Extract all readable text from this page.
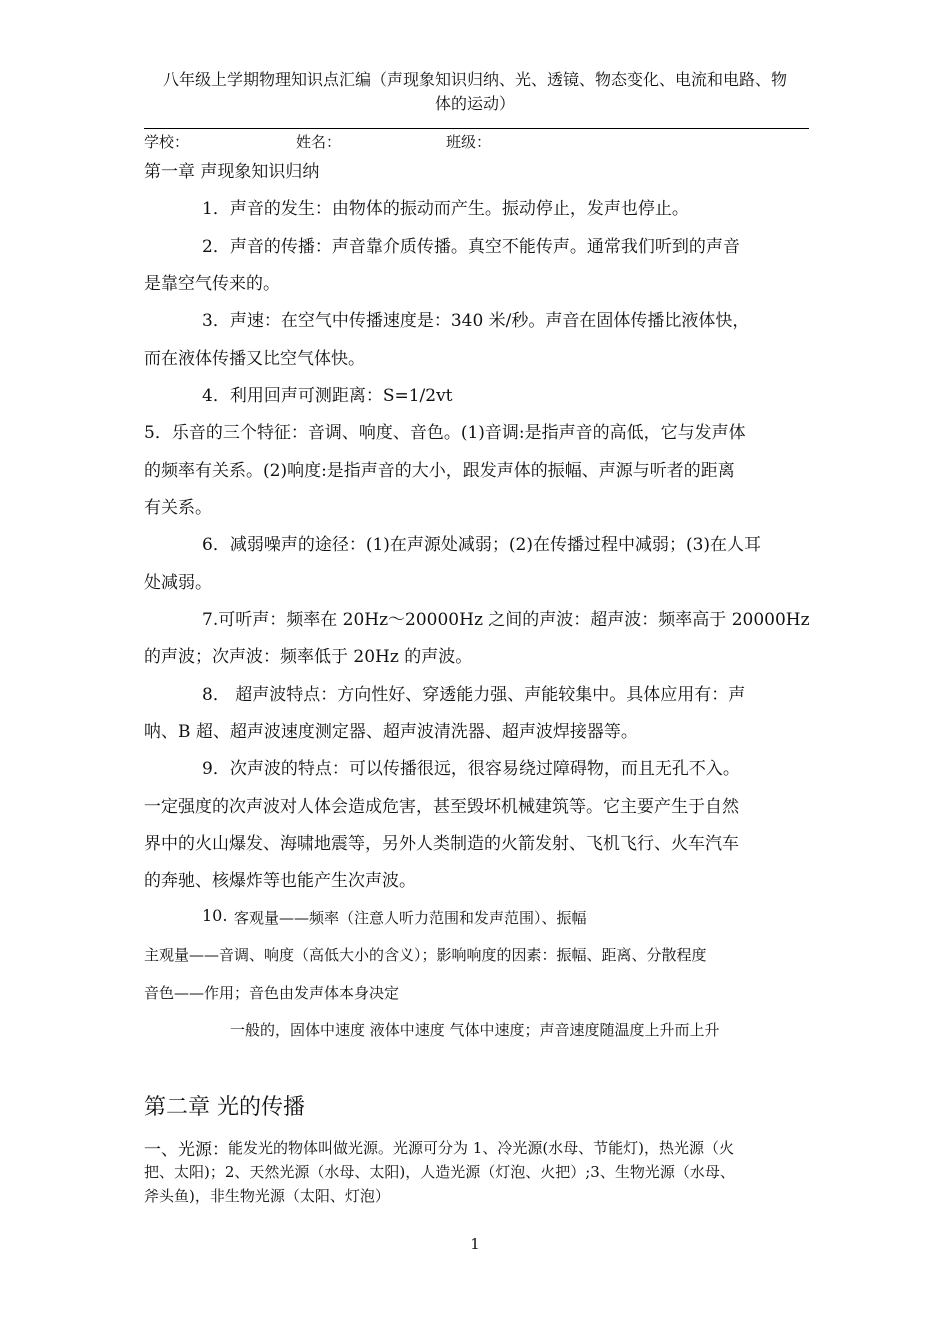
八年级上学期物理知识点汇编（声现象知识归纳、光、透镜、物态变化、电流和电路、物
体的运动）
学校：	姓名：	班级：
第一章 声现象知识归纳
1．声音的发生：由物体的振动而产生。振动停止，发声也停止。
2．声音的传播：声音靠介质传播。真空不能传声。通常我们听到的声音
是靠空气传来的。
3．声速：在空气中传播速度是：340 米/秒。声音在固体传播比液体快，
而在液体传播又比空气体快。
4．利用回声可测距离：S=1/2vt
5．乐音的三个特征：音调、响度、音色。(1)音调:是指声音的高低，它与发声体
的频率有关系。(2)响度:是指声音的大小，跟发声体的振幅、声源与听者的距离
有关系。
6．减弱噪声的途径：(1)在声源处减弱；(2)在传播过程中减弱；(3)在人耳
处减弱。
7.可听声：频率在 20Hz～20000Hz 之间的声波：超声波：频率高于 20000Hz
的声波；次声波：频率低于 20Hz 的声波。
8． 超声波特点：方向性好、穿透能力强、声能较集中。具体应用有：声
呐、B 超、超声波速度测定器、超声波清洗器、超声波焊接器等。
9．次声波的特点：可以传播很远，很容易绕过障碍物，而且无孔不入。
一定强度的次声波对人体会造成危害，甚至毁坏机械建筑等。它主要产生于自然
界中的火山爆发、海啸地震等，另外人类制造的火箭发射、飞机飞行、火车汽车
的奔驰、核爆炸等也能产生次声波。
10. 客观量——频率（注意人听力范围和发声范围）、振幅
主观量——音调、响度（高低大小的含义）；影响响度的因素：振幅、距离、分散程度
音色——作用；音色由发声体本身决定
一般的，固体中速度 液体中速度 气体中速度；声音速度随温度上升而上升
第二章 光的传播
一、光源： 能发光的物体叫做光源。光源可分为 1、冷光源(水母、节能灯)，热光源（火
把、太阳)；2、天然光源（水母、太阳)，人造光源（灯泡、火把）;3、生物光源（水母、
斧头鱼)，非生物光源（太阳、灯泡）
1
